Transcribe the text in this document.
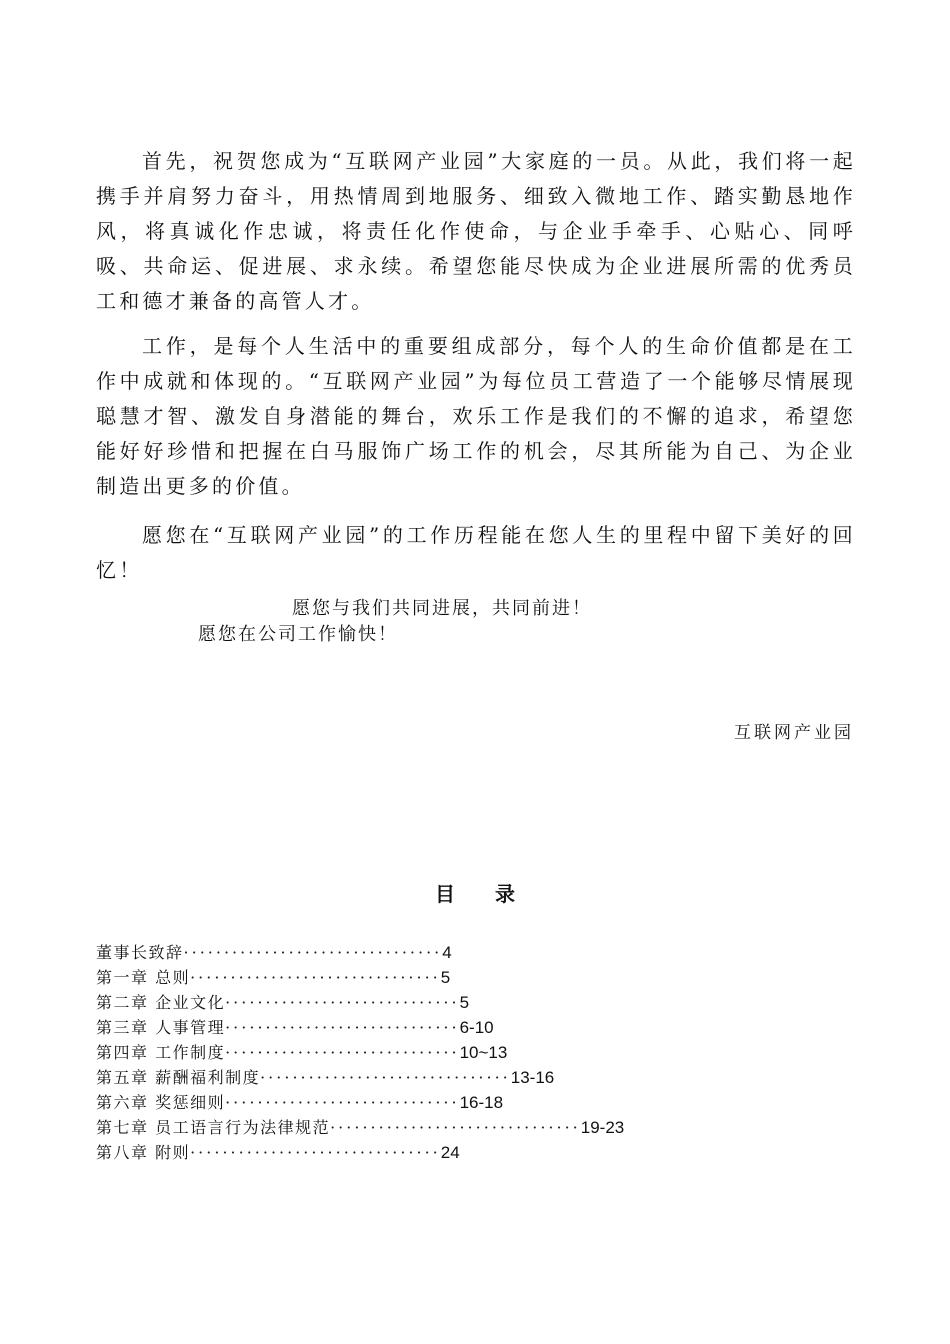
首先，祝贺您成为“互联网产业园”大家庭的一员。从此，我们将一起携手并肩努力奋斗，用热情周到地服务、细致入微地工作、踏实勤恳地作风，将真诚化作忠诚，将责任化作使命，与企业手牵手、心贴心、同呼吸、共命运、促进展、求永续。希望您能尽快成为企业进展所需的优秀员工和德才兼备的高管人才。

工作，是每个人生活中的重要组成部分，每个人的生命价值都是在工作中成就和体现的。“互联网产业园”为每位员工营造了一个能够尽情展现聪慧才智、激发自身潜能的舞台，欢乐工作是我们的不懈的追求，希望您能好好珍惜和把握在白马服饰广场工作的机会，尽其所能为自己、为企业制造出更多的价值。

愿您在“互联网产业园”的工作历程能在您人生的里程中留下美好的回忆！

愿您与我们共同进展，共同前进！

愿您在公司工作愉快！

互联网产业园

目录
董事长致辞 ································ 4
第一章 总则 ······························· 5
第二章 企业文化 ····························· 5
第三章 人事管理 ····························· 6-10
第四章 工作制度 ····························· 10~13
第五章 薪酬福利制度 ······························· 13-16
第六章 奖惩细则 ····························· 16-18
第七章 员工语言行为法律规范 ······························· 19-23
第八章 附则 ······························· 24
